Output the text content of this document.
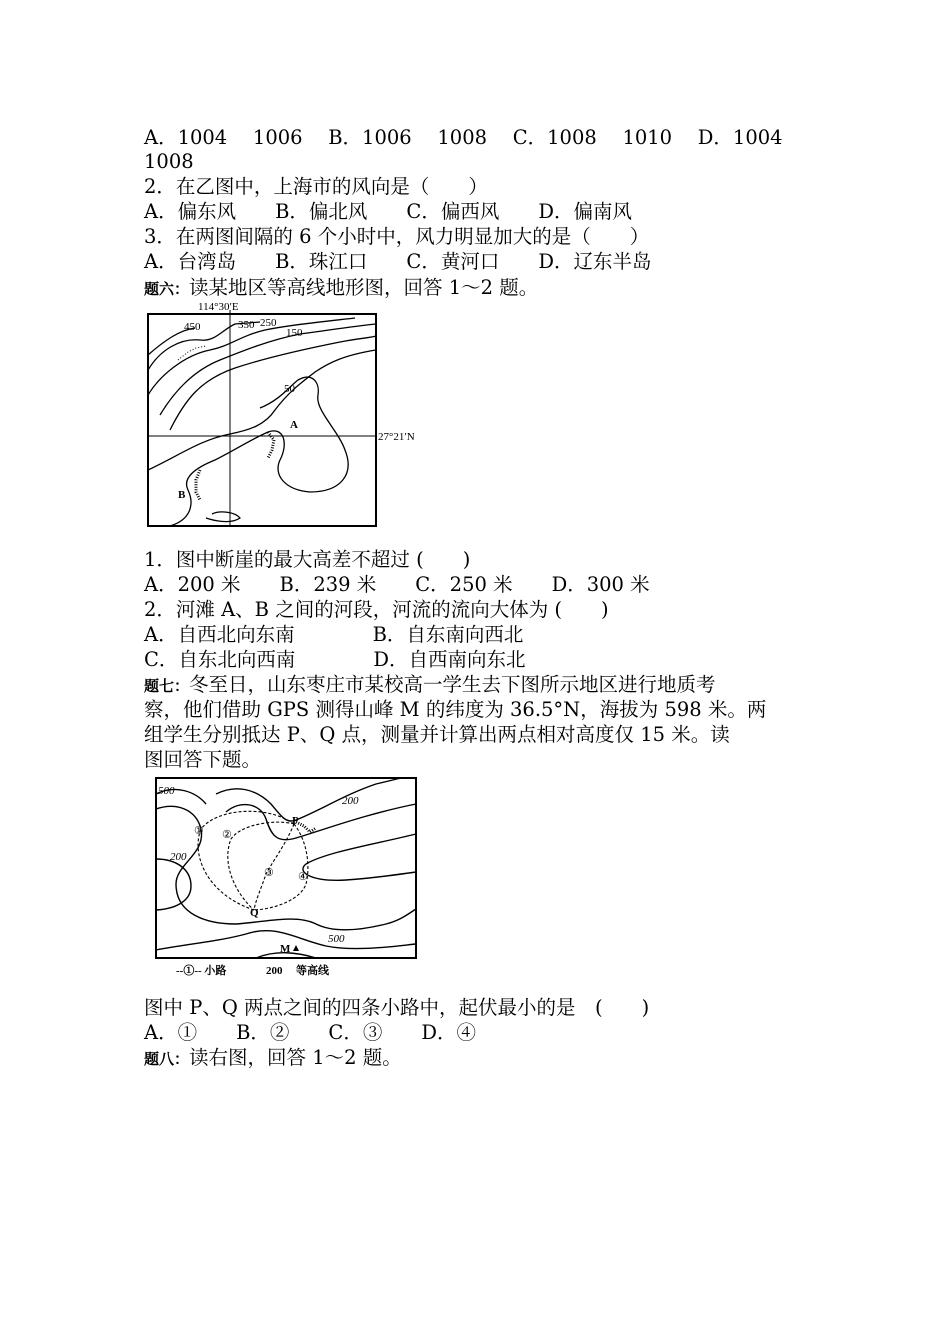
A．1004　 1006　 B．1006　 1008　 C．1008　 1010　 D．1004
1008
2．在乙图中，上海市的风向是（　　）
A．偏东风　　B．偏北风　　C．偏西风　　D．偏南风
3．在两图间隔的 6 个小时中，风力明显加大的是（　　）
A．台湾岛　　B．珠江口　　C．黄河口　　D．辽东半岛
题六：读某地区等高线地形图，回答 1～2 题。
114°30′E
450	350 250
150
50
27°21′N
A
B
1．图中断崖的最大高差不超过 (　　)
A．200 米　　B．239 米　　C．250 米　　D．300 米
2．河滩 A、B 之间的河段，河流的流向大体为 (　　)
A．自西北向东南　　　　B．自东南向西北
C．自东北向西南　　　　D．自西南向东北
题七：冬至日，山东枣庄市某校高一学生去下图所示地区进行地质考
察，他们借助 GPS 测得山峰 M 的纬度为 36.5°N，海拔为 598 米。两
组学生分别抵达 P、Q 点，测量并计算出两点相对高度仅 15 米。读
图回答下题。
500
200
200
500
P
Q
M
① ②
③ ④
--①-- 小路	200 等高线
图中 P、Q 两点之间的四条小路中，起伏最小的是　(　　)
A．①　　B．②　　C．③　　D．④
题八：读右图，回答 1～2 题。
